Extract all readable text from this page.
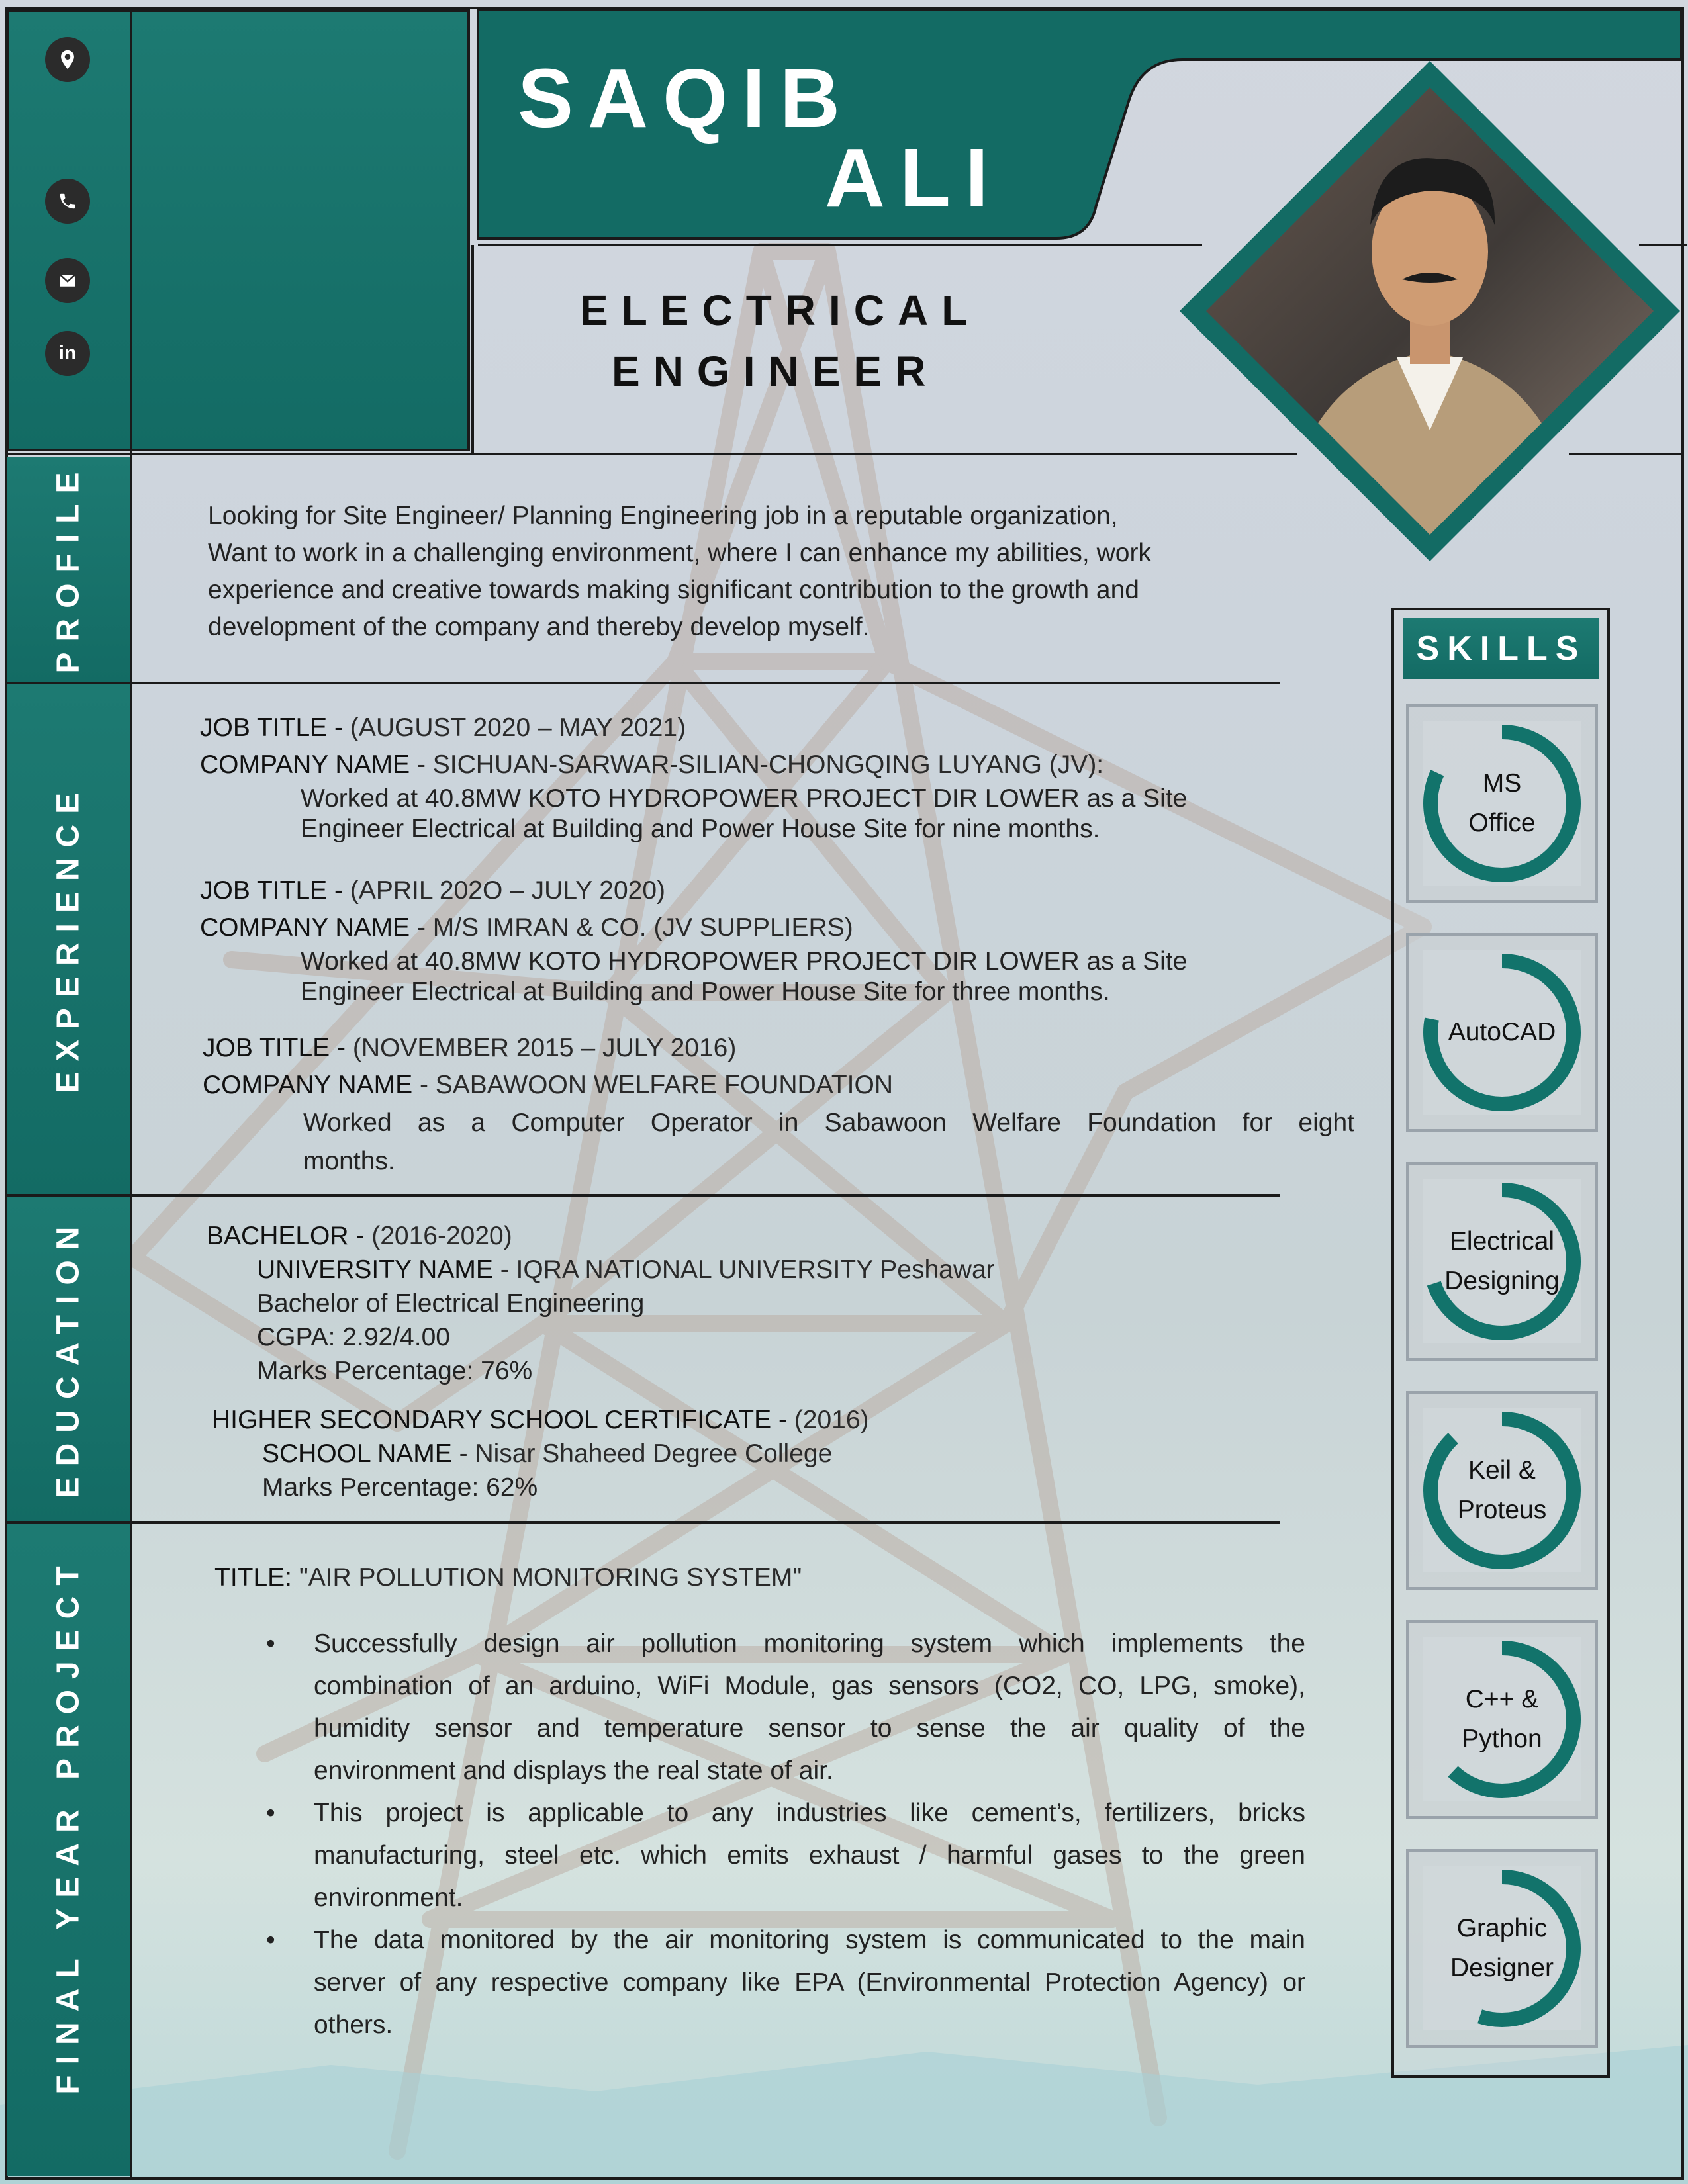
in
SAQIB
ALI
ELECTRICAL
ENGINEER
PROFILE
EXPERIENCE
EDUCATION
FINAL YEAR PROJECT
Looking for Site Engineer/ Planning Engineering job in a reputable organization,
Want to work in a challenging environment, where I can enhance my abilities, work
experience and creative towards making significant contribution to the growth and
development of the company and thereby develop myself.
JOB TITLE - (AUGUST 2020 – MAY 2021)
COMPANY NAME - SICHUAN-SARWAR-SILIAN-CHONGQING LUYANG (JV):
Worked at 40.8MW KOTO HYDROPOWER PROJECT DIR LOWER as a Site
Engineer Electrical at Building and Power House Site for nine months.
JOB TITLE - (APRIL 202O – JULY 2020)
COMPANY NAME - M/S IMRAN & CO. (JV SUPPLIERS)
Worked at 40.8MW KOTO HYDROPOWER PROJECT DIR LOWER as a Site
Engineer Electrical at Building and Power House Site for three months.
JOB TITLE - (NOVEMBER 2015 – JULY 2016)
COMPANY NAME - SABAWOON WELFARE FOUNDATION
Worked as a Computer Operator in Sabawoon Welfare Foundation for eight
months.
BACHELOR - (2016-2020)
UNIVERSITY NAME - IQRA NATIONAL UNIVERSITY Peshawar
Bachelor of Electrical Engineering
CGPA: 2.92/4.00
Marks Percentage: 76%
HIGHER SECONDARY SCHOOL CERTIFICATE - (2016)
SCHOOL NAME - Nisar Shaheed Degree College
Marks Percentage: 62%
TITLE: "AIR POLLUTION MONITORING SYSTEM"
• Successfully design air pollution monitoring system which implements the
combination of an arduino, WiFi Module, gas sensors (CO2, CO, LPG, smoke),
humidity sensor and temperature sensor to sense the air quality of the
environment and displays the real state of air.
• This project is applicable to any industries like cement’s, fertilizers, bricks
manufacturing, steel etc. which emits exhaust / harmful gases to the green
environment.
• The data monitored by the air monitoring system is communicated to the main
server of any respective company like EPA (Environmental Protection Agency) or
others.
SKILLS
MS
Office
AutoCAD
Electrical
Designing
Keil &
Proteus
C++ &
Python
Graphic
Designer
